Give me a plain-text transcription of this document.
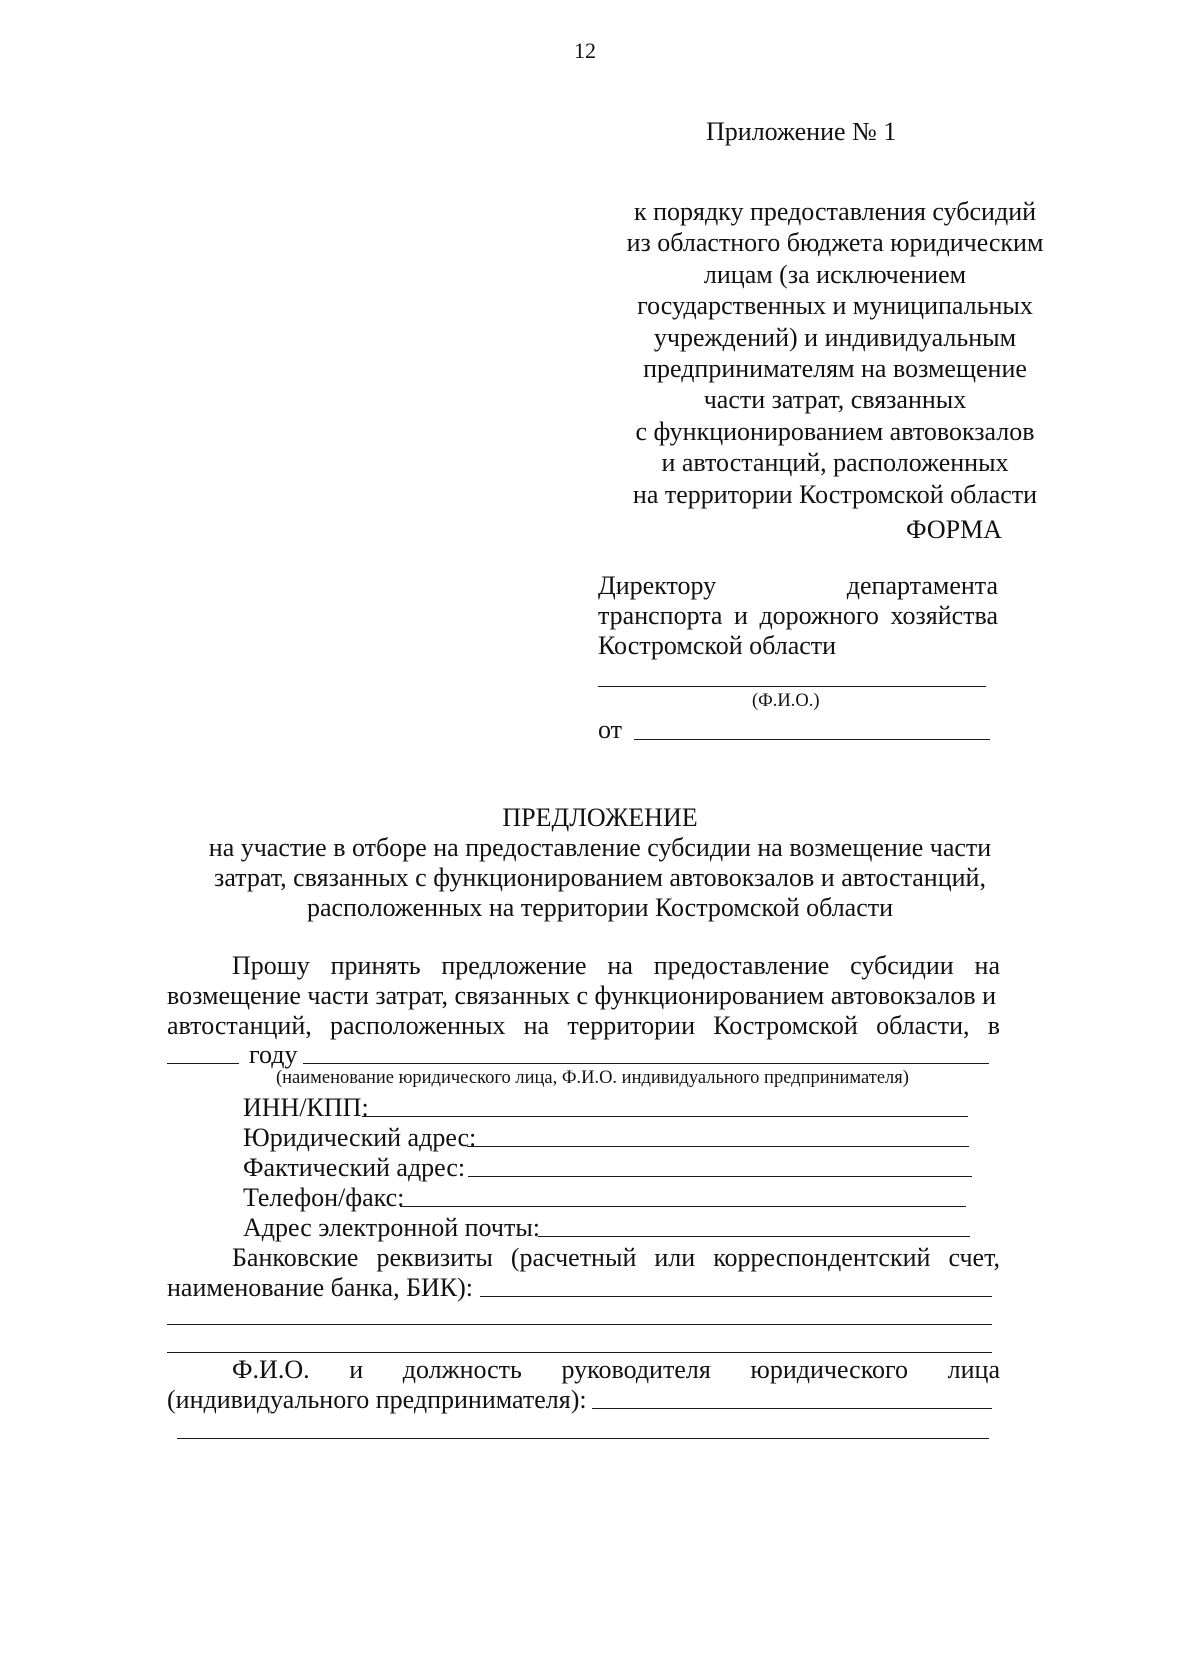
12
Приложение № 1
к порядку предоставления субсидий
из областного бюджета юридическим
лицам (за исключением
государственных и муниципальных
учреждений) и индивидуальным
предпринимателям на возмещение
части затрат, связанных
с функционированием автовокзалов
и автостанций, расположенных
на территории Костромской области
ФОРМА
Директору департамента
транспорта и дорожного хозяйства
Костромской области
(Ф.И.О.)
от
ПРЕДЛОЖЕНИЕ
на участие в отборе на предоставление субсидии на возмещение части
затрат, связанных с функционированием автовокзалов и автостанций,
расположенных на территории Костромской области
Прошу принять предложение на предоставление субсидии на
возмещение части затрат, связанных с функционированием автовокзалов и
автостанций, расположенных на территории Костромской области, в
году
(наименование юридического лица, Ф.И.О. индивидуального предпринимателя)
ИНН/КПП:
Юридический адрес:
Фактический адрес:
Телефон/факс:
Адрес электронной почты:
Банковские реквизиты (расчетный или корреспондентский счет,
наименование банка, БИК):
Ф.И.О. и должность руководителя юридического лица
(индивидуального предпринимателя):
